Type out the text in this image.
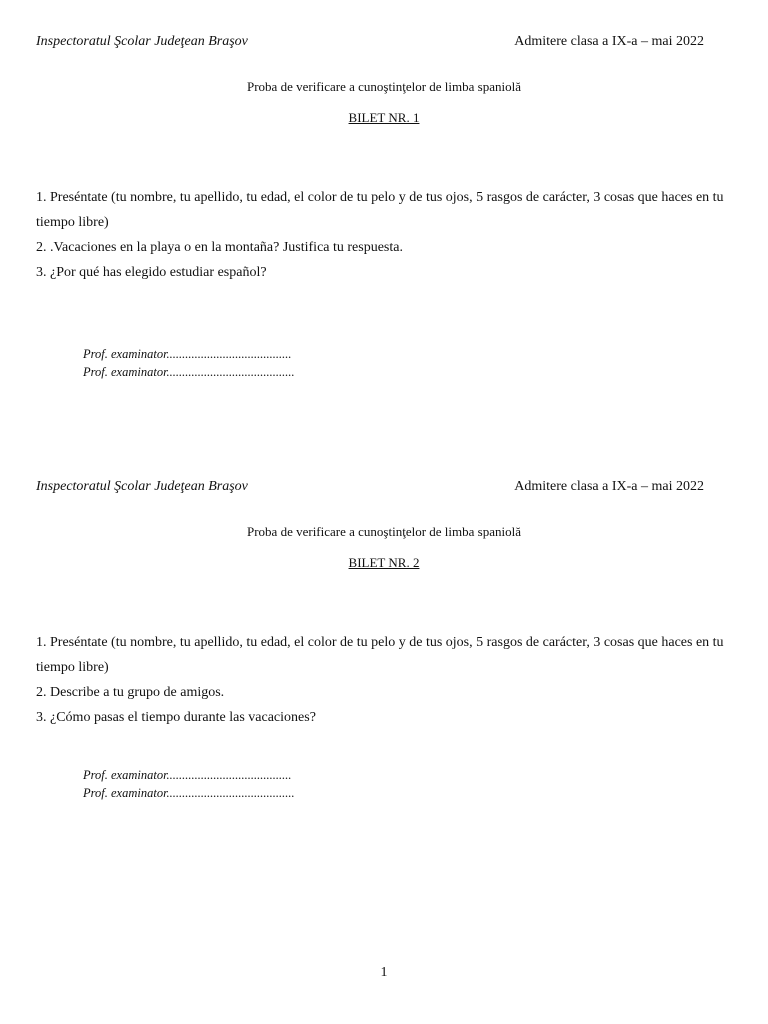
Inspectoratul Şcolar Judeţean Braşov	Admitere clasa a IX-a – mai 2022
Proba de verificare a cunoştinţelor de limba spaniolă
BILET NR. 1
1. Preséntate (tu nombre, tu apellido, tu edad, el color de tu pelo y de tus ojos, 5 rasgos de carácter, 3 cosas que haces en tu tiempo libre)
2. .Vacaciones en la playa o en la montaña? Justifica tu respuesta.
3. ¿Por qué has elegido estudiar español?
Prof. examinator........................................
Prof. examinator.........................................
Inspectoratul Şcolar Judeţean Braşov	Admitere clasa a IX-a – mai 2022
Proba de verificare a cunoştinţelor de limba spaniolă
BILET NR. 2
1. Preséntate (tu nombre, tu apellido, tu edad, el color de tu pelo y de tus ojos, 5 rasgos de carácter, 3 cosas que haces en tu tiempo libre)
2. Describe a tu grupo de amigos.
3. ¿Cómo pasas el tiempo durante las vacaciones?
Prof. examinator........................................
Prof. examinator.........................................
1
